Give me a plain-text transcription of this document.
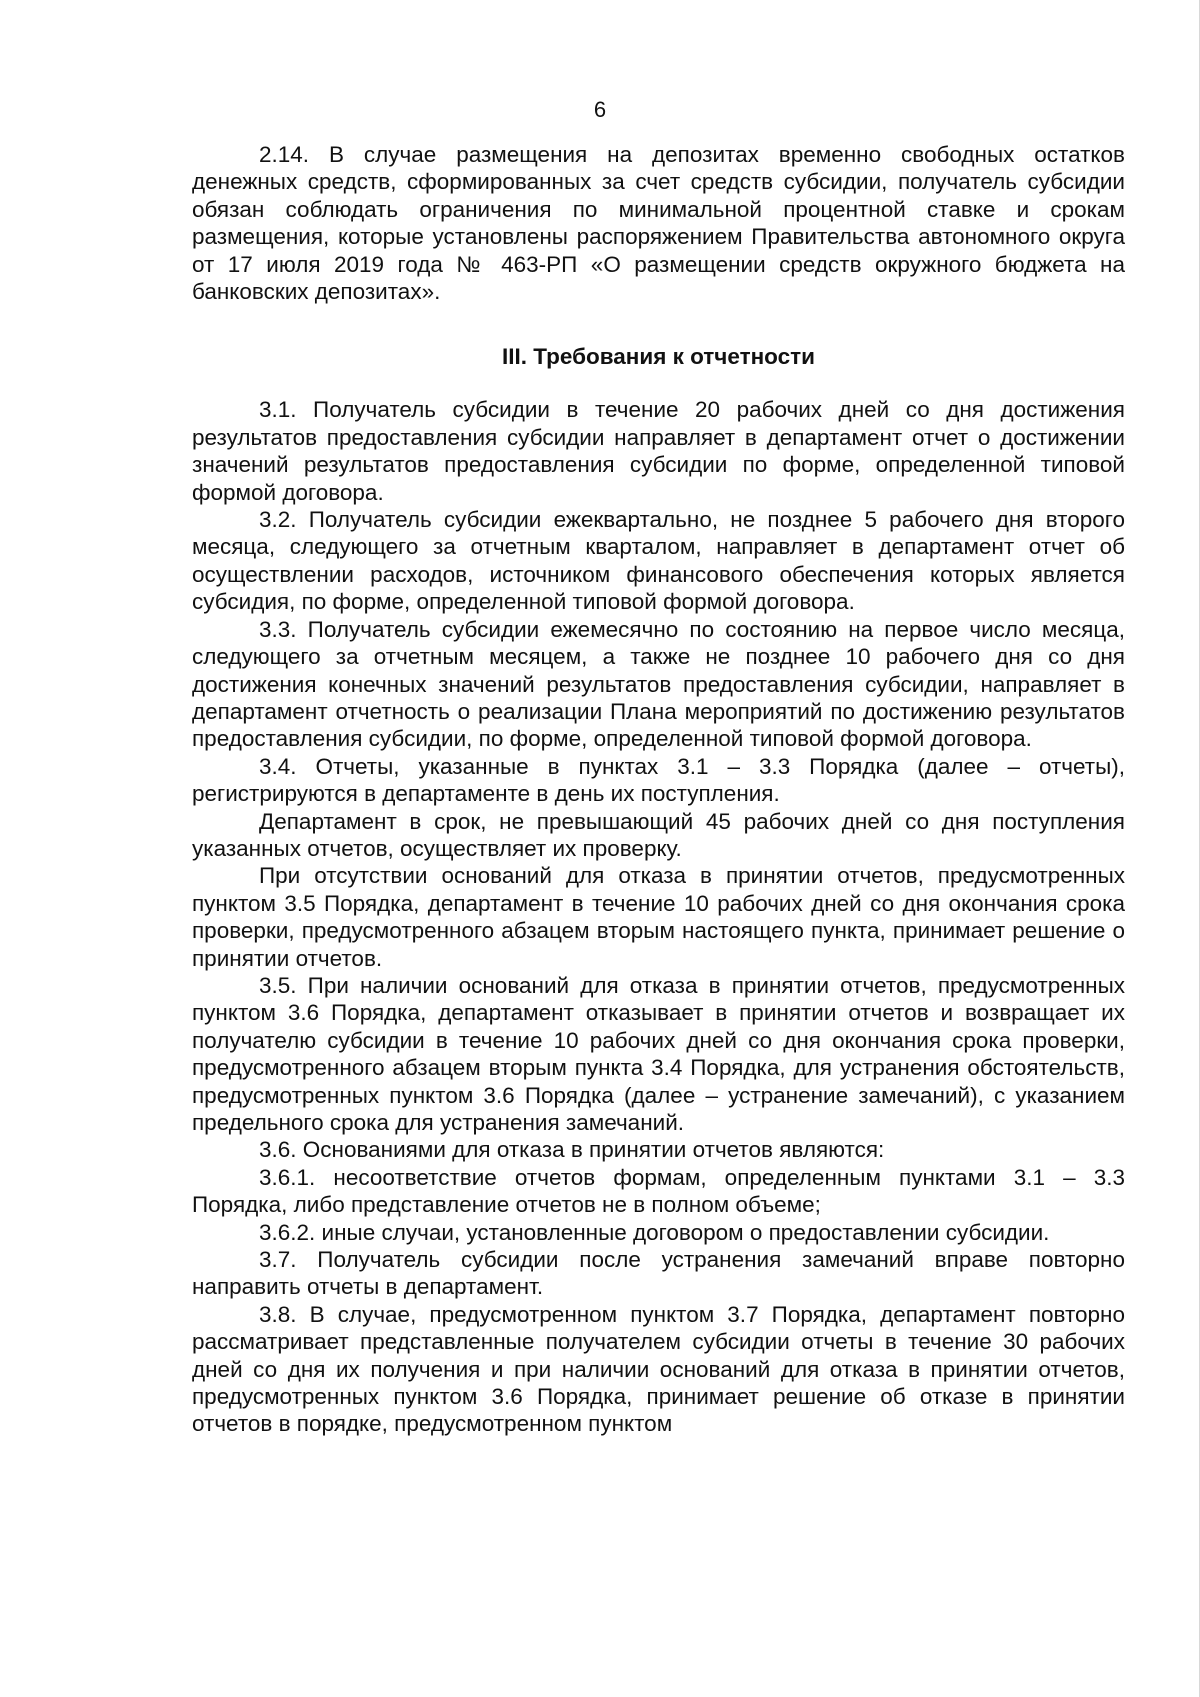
6

2.14. В случае размещения на депозитах временно свободных остатков денежных средств, сформированных за счет средств субсидии, получатель субсидии обязан соблюдать ограничения по минимальной процентной ставке и срокам размещения, которые установлены распоряжением Правительства автономного округа от 17 июля 2019 года № 463-РП «О размещении средств окружного бюджета на банковских депозитах».

III. Требования к отчетности

3.1. Получатель субсидии в течение 20 рабочих дней со дня достижения результатов предоставления субсидии направляет в департамент отчет о достижении значений результатов предоставления субсидии по форме, определенной типовой формой договора.

3.2. Получатель субсидии ежеквартально, не позднее 5 рабочего дня второго месяца, следующего за отчетным кварталом, направляет в департамент отчет об осуществлении расходов, источником финансового обеспечения которых является субсидия, по форме, определенной типовой формой договора.

3.3. Получатель субсидии ежемесячно по состоянию на первое число месяца, следующего за отчетным месяцем, а также не позднее 10 рабочего дня со дня достижения конечных значений результатов предоставления субсидии, направляет в департамент отчетность о реализации Плана мероприятий по достижению результатов предоставления субсидии, по форме, определенной типовой формой договора.

3.4. Отчеты, указанные в пунктах 3.1 – 3.3 Порядка (далее – отчеты), регистрируются в департаменте в день их поступления.

Департамент в срок, не превышающий 45 рабочих дней со дня поступления указанных отчетов, осуществляет их проверку.

При отсутствии оснований для отказа в принятии отчетов, предусмотренных пунктом 3.5 Порядка, департамент в течение 10 рабочих дней со дня окончания срока проверки, предусмотренного абзацем вторым настоящего пункта, принимает решение о принятии отчетов.

3.5. При наличии оснований для отказа в принятии отчетов, предусмотренных пунктом 3.6 Порядка, департамент отказывает в принятии отчетов и возвращает их получателю субсидии в течение 10 рабочих дней со дня окончания срока проверки, предусмотренного абзацем вторым пункта 3.4 Порядка, для устранения обстоятельств, предусмотренных пунктом 3.6 Порядка (далее – устранение замечаний), с указанием предельного срока для устранения замечаний.

3.6. Основаниями для отказа в принятии отчетов являются:

3.6.1. несоответствие отчетов формам, определенным пунктами 3.1 – 3.3 Порядка, либо представление отчетов не в полном объеме;

3.6.2. иные случаи, установленные договором о предоставлении субсидии.

3.7. Получатель субсидии после устранения замечаний вправе повторно направить отчеты в департамент.

3.8. В случае, предусмотренном пунктом 3.7 Порядка, департамент повторно рассматривает представленные получателем субсидии отчеты в течение 30 рабочих дней со дня их получения и при наличии оснований для отказа в принятии отчетов, предусмотренных пунктом 3.6 Порядка, принимает решение об отказе в принятии отчетов в порядке, предусмотренном пунктом
